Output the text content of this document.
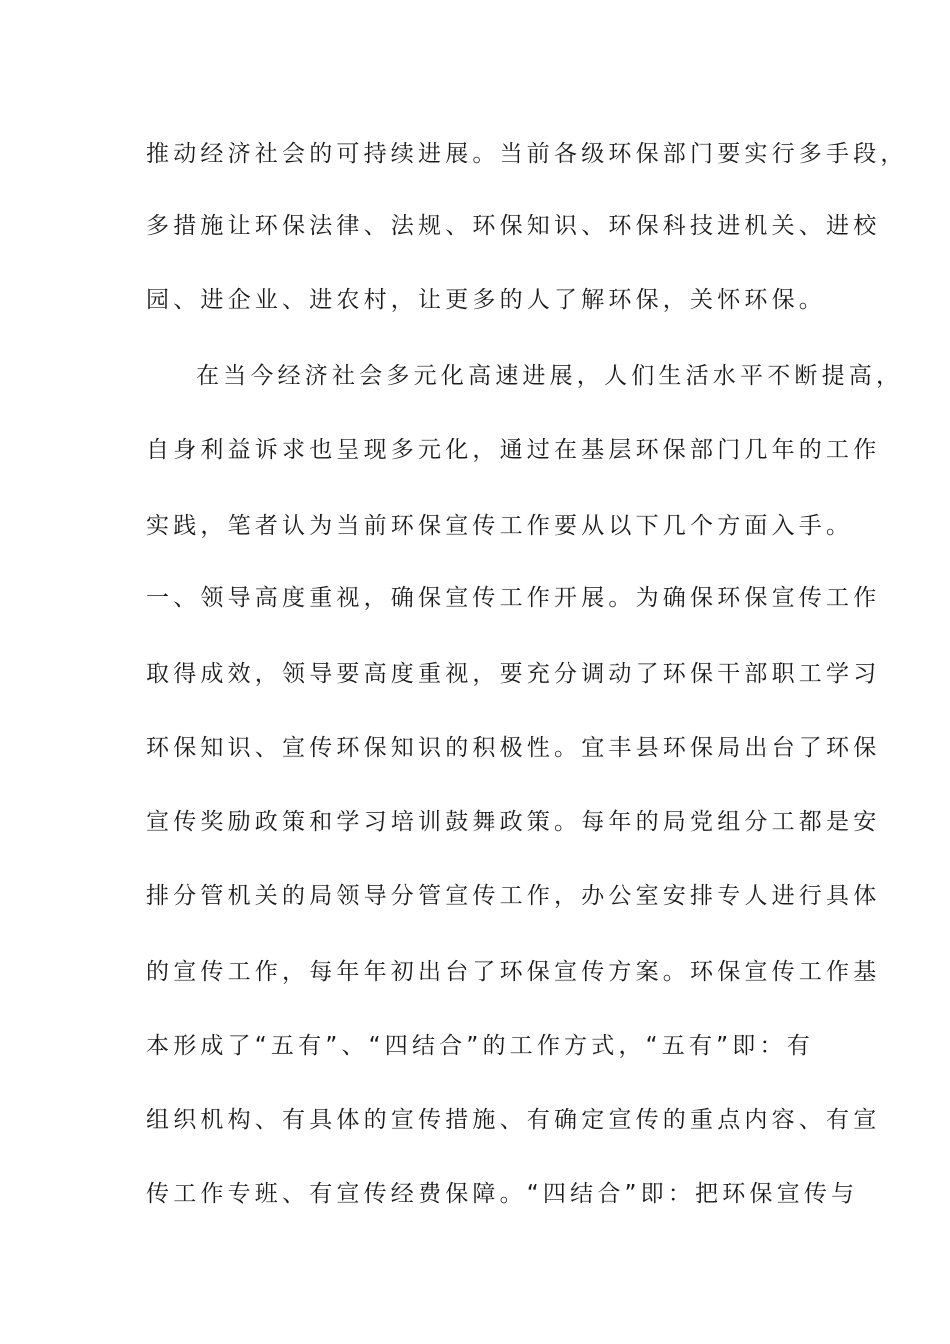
推动经济社会的可持续进展。当前各级环保部门要实行多手段，
多措施让环保法律、法规、环保知识、环保科技进机关、进校
园、进企业、进农村，让更多的人了解环保，关怀环保。
在当今经济社会多元化高速进展，人们生活水平不断提高，
自身利益诉求也呈现多元化，通过在基层环保部门几年的工作
实践，笔者认为当前环保宣传工作要从以下几个方面入手。
一、领导高度重视，确保宣传工作开展。为确保环保宣传工作
取得成效，领导要高度重视，要充分调动了环保干部职工学习
环保知识、宣传环保知识的积极性。宜丰县环保局出台了环保
宣传奖励政策和学习培训鼓舞政策。每年的局党组分工都是安
排分管机关的局领导分管宣传工作，办公室安排专人进行具体
的宣传工作，每年年初出台了环保宣传方案。环保宣传工作基
本形成了“五有”、“四结合”的工作方式，“五有”即：有
组织机构、有具体的宣传措施、有确定宣传的重点内容、有宣
传工作专班、有宣传经费保障。“四结合”即：把环保宣传与
